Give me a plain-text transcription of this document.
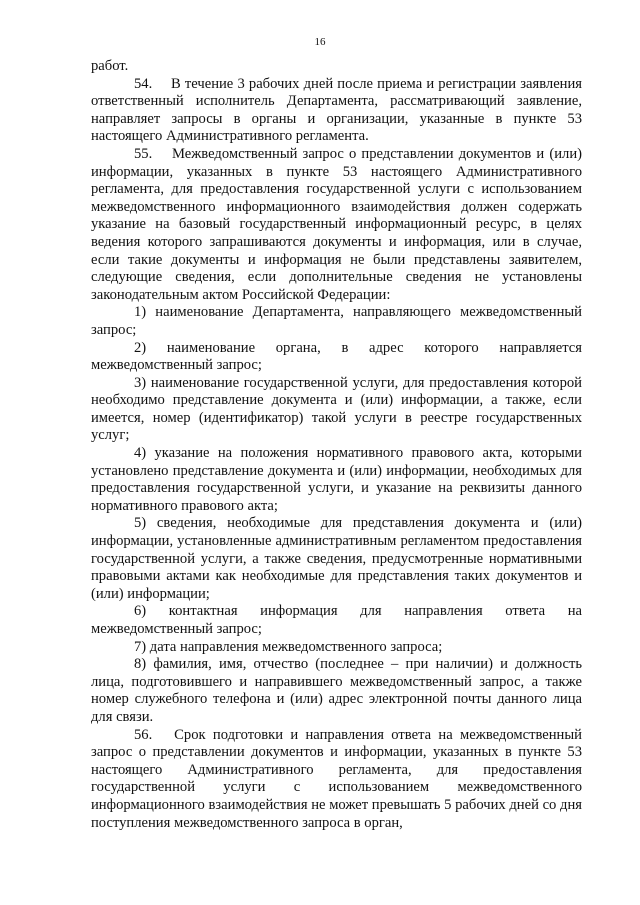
16

работ.

54.  В течение 3 рабочих дней после приема и регистрации заявления ответственный исполнитель Департамента, рассматривающий заявление, направляет запросы в органы и организации, указанные в пункте 53 настоящего Административного регламента.

55.  Межведомственный запрос о представлении документов и (или) информации, указанных в пункте 53 настоящего Административного регламента, для предоставления государственной услуги с использованием межведомственного информационного взаимодействия должен содержать указание на базовый государственный информационный ресурс, в целях ведения которого запрашиваются документы и информация, или в случае, если такие документы и информация не были представлены заявителем, следующие сведения, если дополнительные сведения не установлены законодательным актом Российской Федерации:

1) наименование Департамента, направляющего межведомственный запрос;

2) наименование органа, в адрес которого направляется межведомственный запрос;

3) наименование государственной услуги, для предоставления которой необходимо представление документа и (или) информации, а также, если имеется, номер (идентификатор) такой услуги в реестре государственных услуг;

4) указание на положения нормативного правового акта, которыми установлено представление документа и (или) информации, необходимых для предоставления государственной услуги, и указание на реквизиты данного нормативного правового акта;

5) сведения, необходимые для представления документа и (или) информации, установленные административным регламентом предоставления государственной услуги, а также сведения, предусмотренные нормативными правовыми актами как необходимые для представления таких документов и (или) информации;

6) контактная информация для направления ответа на межведомственный запрос;

7) дата направления межведомственного запроса;

8) фамилия, имя, отчество (последнее – при наличии) и должность лица, подготовившего и направившего межведомственный запрос, а также номер служебного телефона и (или) адрес электронной почты данного лица для связи.

56.  Срок подготовки и направления ответа на межведомственный запрос о представлении документов и информации, указанных в пункте 53 настоящего Административного регламента, для предоставления государственной услуги с использованием межведомственного информационного взаимодействия не может превышать 5 рабочих дней со дня поступления межведомственного запроса в орган,
